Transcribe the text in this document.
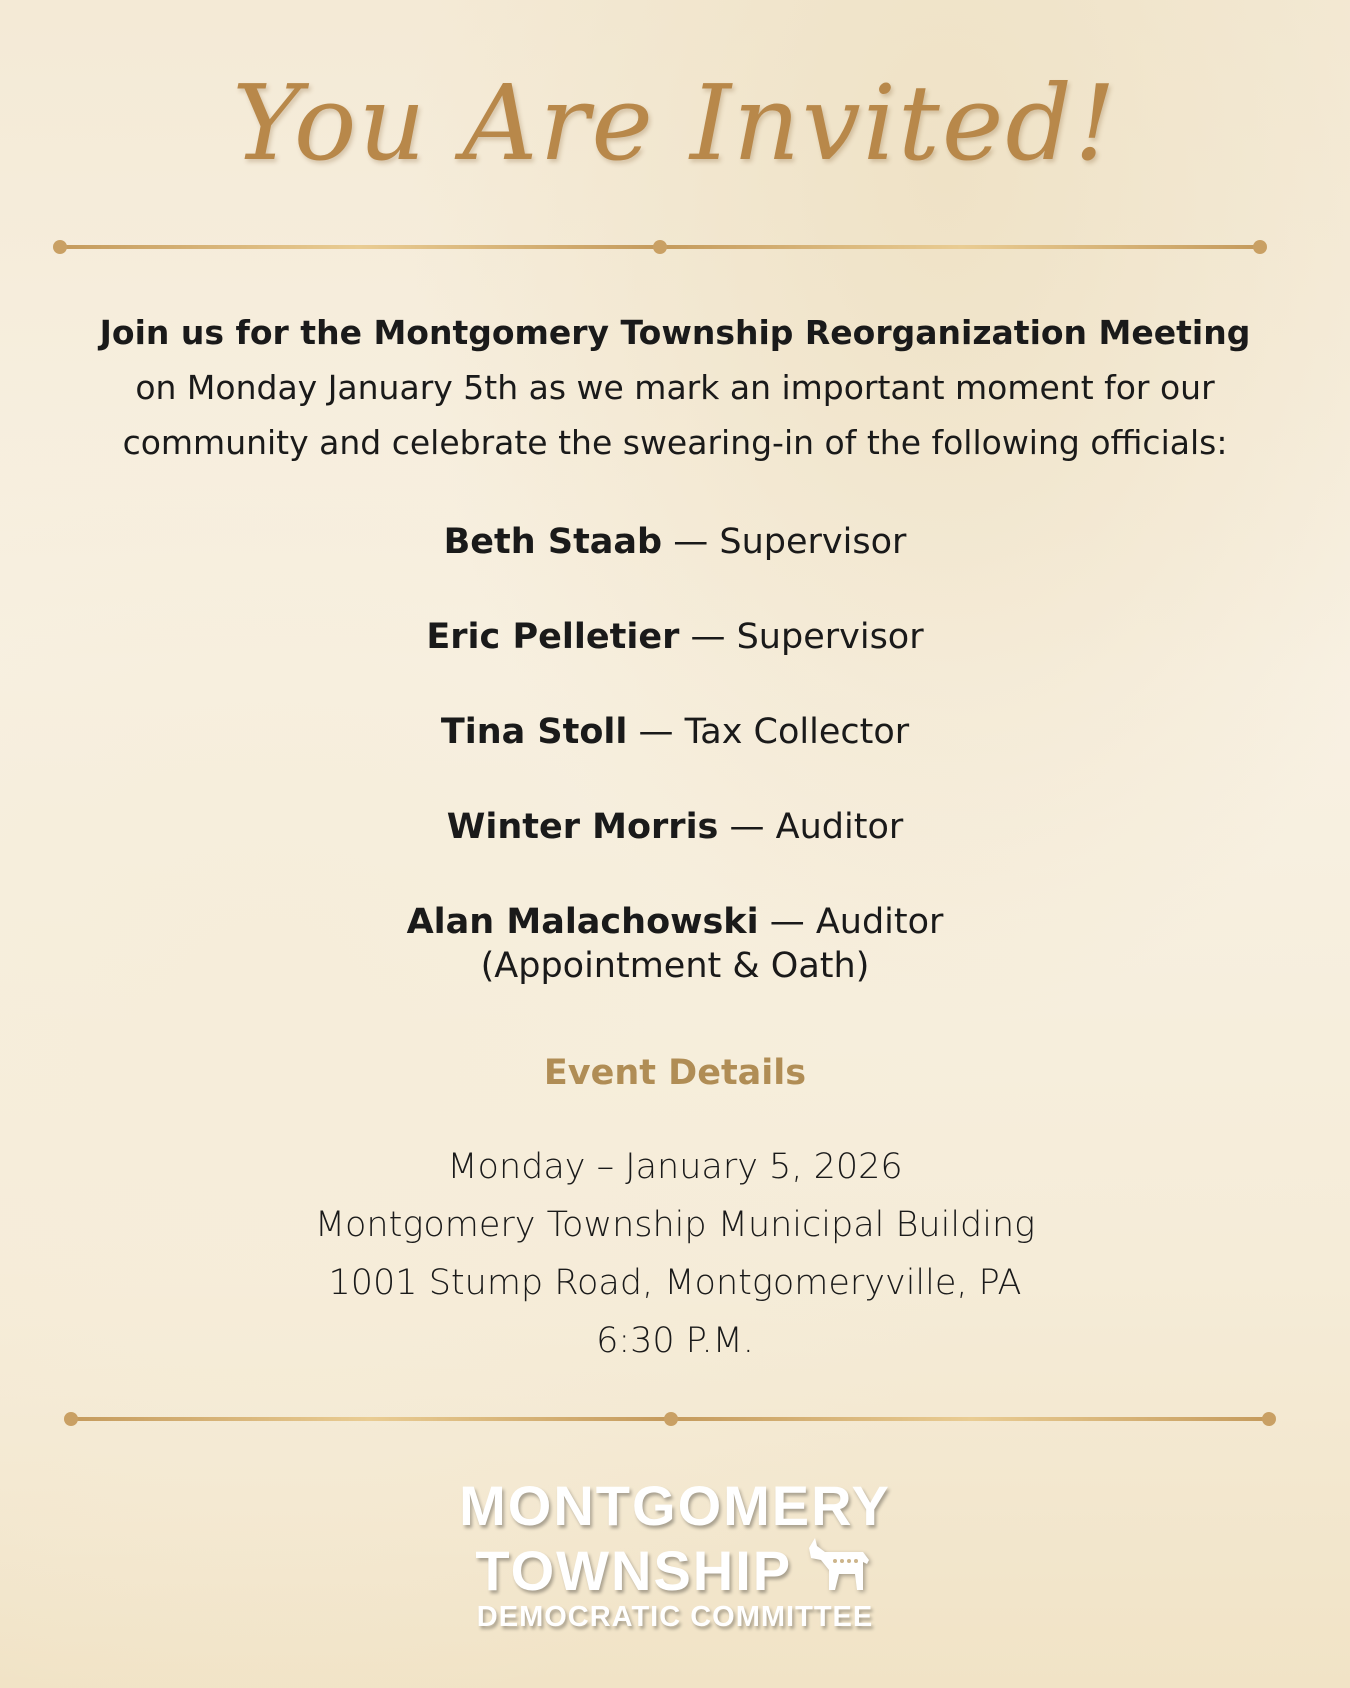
You Are Invited!
Join us for the Montgomery Township Reorganization Meeting
on Monday January 5th as we mark an important moment for our
community and celebrate the swearing-in of the following officials:
Beth Staab — Supervisor
Eric Pelletier — Supervisor
Tina Stoll — Tax Collector
Winter Morris — Auditor
Alan Malachowski — Auditor
(Appointment & Oath)
Event Details
Monday – January 5, 2026
Montgomery Township Municipal Building
1001 Stump Road, Montgomeryville, PA
6:30 P.M.
MONTGOMERY
TOWNSHIP
DEMOCRATIC COMMITTEE
